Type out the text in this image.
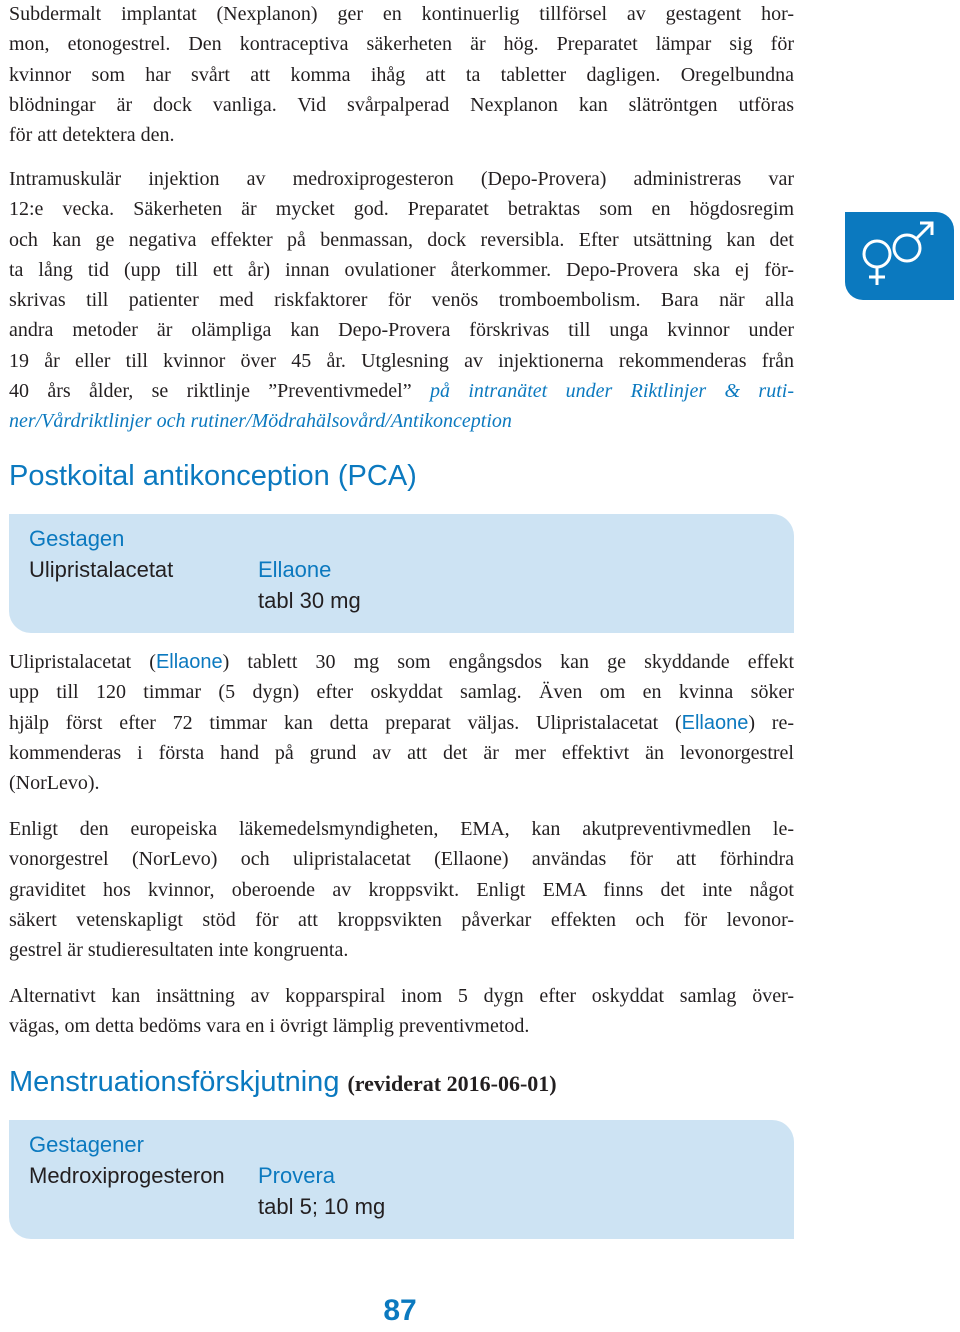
Subdermalt implantat (Nexplanon) ger en kontinuerlig tillförsel av gestagent hor-
mon, etonogestrel. Den kontraceptiva säkerheten är hög. Preparatet lämpar sig för
kvinnor som har svårt att komma ihåg att ta tabletter dagligen. Oregelbundna
blödningar är dock vanliga. Vid svårpalperad Nexplanon kan slätröntgen utföras
för att detektera den.

Intramuskulär injektion av medroxiprogesteron (Depo-Provera) administreras var
12:e vecka. Säkerheten är mycket god. Preparatet betraktas som en högdosregim
och kan ge negativa effekter på benmassan, dock reversibla. Efter utsättning kan det
ta lång tid (upp till ett år) innan ovulationer återkommer. Depo-Provera ska ej för-
skrivas till patienter med riskfaktorer för venös tromboembolism. Bara när alla
andra metoder är olämpliga kan Depo-Provera förskrivas till unga kvinnor under
19 år eller till kvinnor över 45 år. Utglesning av injektionerna rekommenderas från
40 års ålder, se riktlinje ”Preventivmedel” på intranätet under Riktlinjer & ruti-
ner/Vårdriktlinjer och rutiner/Mödrahälsovård/Antikonception

Postkoital antikonception (PCA)
Gestagen
Ulipristalacetat	Ellaone
tabl 30 mg

Ulipristalacetat (Ellaone) tablett 30 mg som engångsdos kan ge skyddande effekt
upp till 120 timmar (5 dygn) efter oskyddat samlag. Även om en kvinna söker
hjälp först efter 72 timmar kan detta preparat väljas. Ulipristalacetat (Ellaone) re-
kommenderas i första hand på grund av att det är mer effektivt än levonorgestrel
(NorLevo).

Enligt den europeiska läkemedelsmyndigheten, EMA, kan akutpreventivmedlen le-
vonorgestrel (NorLevo) och ulipristalacetat (Ellaone) användas för att förhindra
graviditet hos kvinnor, oberoende av kroppsvikt. Enligt EMA finns det inte något
säkert vetenskapligt stöd för att kroppsvikten påverkar effekten och för levonor-
gestrel är studieresultaten inte kongruenta.

Alternativt kan insättning av kopparspiral inom 5 dygn efter oskyddat samlag över-
vägas, om detta bedöms vara en i övrigt lämplig preventivmetod.

Menstruationsförskjutning (reviderat 2016-06-01)
Gestagener
Medroxiprogesteron Provera
tabl 5; 10 mg
87
